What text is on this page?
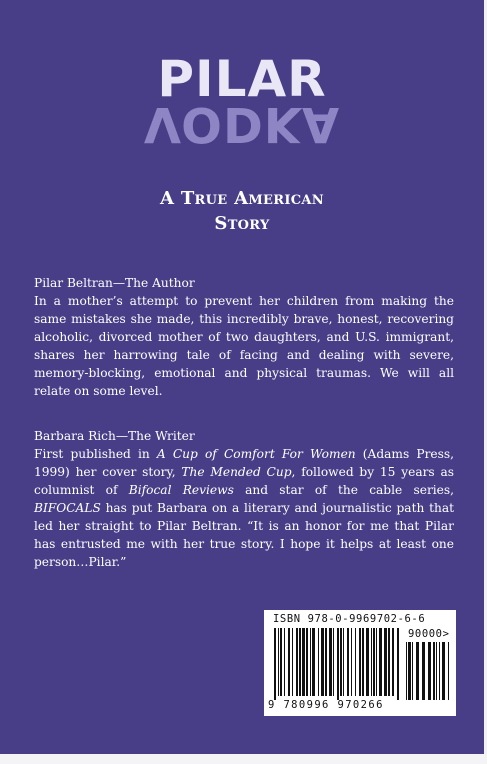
PILAR
VODKA
A True American
Story
Pilar Beltran—The Author
In a mother’s attempt to prevent her children from making the same mistakes she made, this incredibly brave, honest, recovering alcoholic, divorced mother of two daughters, and U.S. immigrant, shares her harrowing tale of facing and dealing with severe, memory-blocking, emotional and physical traumas. We will all relate on some level.
Barbara Rich—The Writer
First published in A Cup of Comfort For Women (Adams Press, 1999) her cover story, The Mended Cup, followed by 15 years as columnist of Bifocal Reviews and star of the cable series, BIFOCALS has put Barbara on a literary and journalistic path that led her straight to Pilar Beltran. “It is an honor for me that Pilar has entrusted me with her true story. I hope it helps at least one person…Pilar.”
ISBN 978-0-9969702-6-6
90000>
9 780996 970266
